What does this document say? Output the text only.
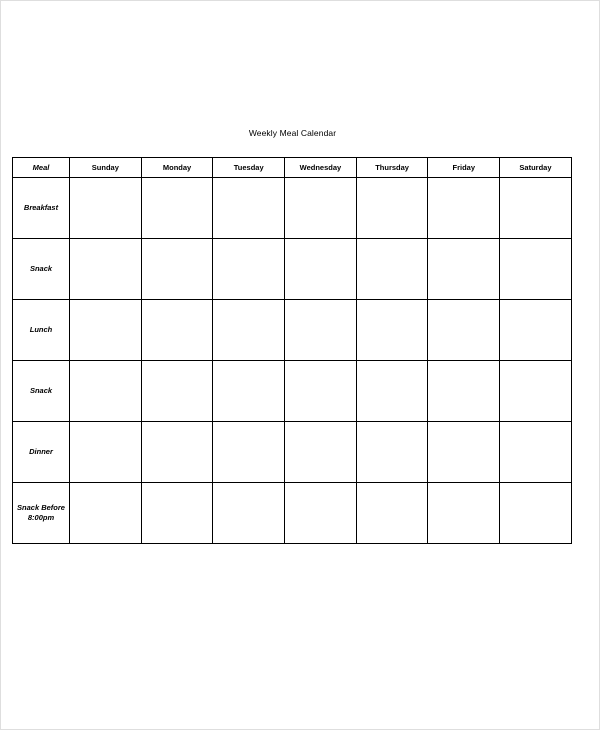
Weekly Meal Calendar
Meal	Sunday	Monday	Tuesday	Wednesday	Thursday	Friday	Saturday

Breakfast							

Snack							

Lunch							

Snack							

Dinner							

Snack Before
8:00pm							
